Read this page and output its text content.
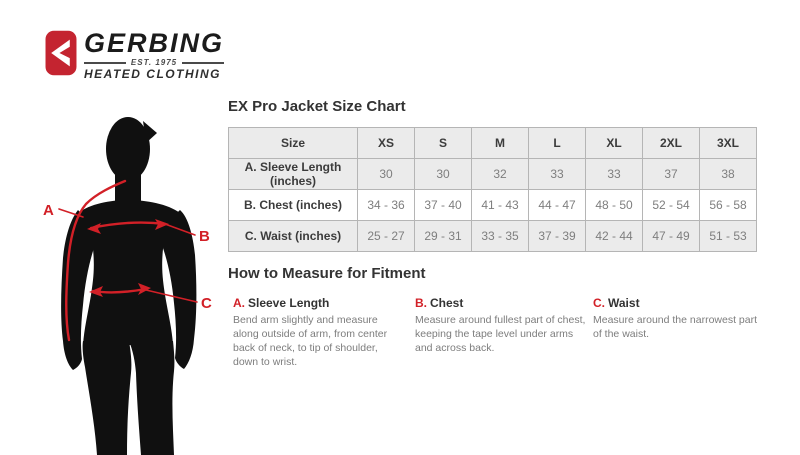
GERBING
EST. 1975
HEATED CLOTHING
A
B
C
EX Pro Jacket Size Chart
Size	XS	S	M	L	XL	2XL	3XL
A. Sleeve Length (inches)	30	30	32	33	33	37	38
B. Chest (inches)	34 - 36	37 - 40	41 - 43	44 - 47	48 - 50	52 - 54	56 - 58
C. Waist (inches)	25 - 27	29 - 31	33 - 35	37 - 39	42 - 44	47 - 49	51 - 53
How to Measure for Fitment
A. Sleeve Length
Bend arm slightly and measure along outside of arm, from center back of neck, to tip of shoulder, down to wrist.
B. Chest
Measure around fullest part of chest, keeping the tape level under arms and across back.
C. Waist
Measure around the narrowest part of the waist.
